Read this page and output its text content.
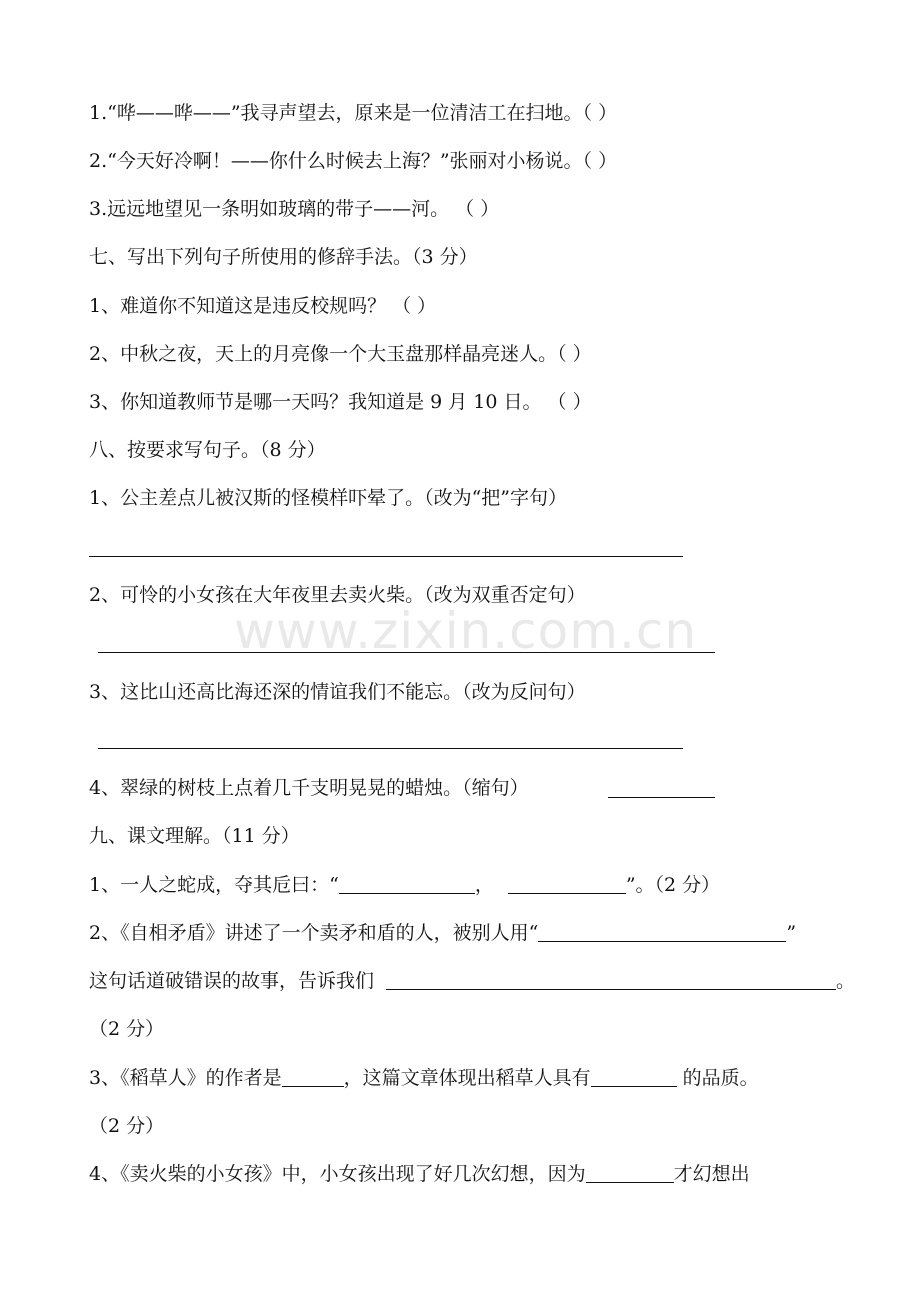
1.“哗——哗——”我寻声望去，原来是一位清洁工在扫地。（ ）
2.“今天好冷啊！——你什么时候去上海？”张丽对小杨说。（ ）
3.远远地望见一条明如玻璃的带子——河。 （ ）
七、写出下列句子所使用的修辞手法。（3 分）
1、难道你不知道这是违反校规吗？ （ ）
2、中秋之夜，天上的月亮像一个大玉盘那样晶亮迷人。（ ）
3、你知道教师节是哪一天吗？我知道是 9 月 10 日。 （ ）
八、按要求写句子。（8 分）
1、公主差点儿被汉斯的怪模样吓晕了。（改为“把”字句）
2、可怜的小女孩在大年夜里去卖火柴。（改为双重否定句）
3、这比山还高比海还深的情谊我们不能忘。（改为反问句）
4、翠绿的树枝上点着几千支明晃晃的蜡烛。（缩句）
九、课文理解。（11 分）
1、一人之蛇成，夺其卮曰：“	，	”。（2 分）
2、《自相矛盾》讲述了一个卖矛和盾的人，被别人用“	”
这句话道破错误的故事，告诉我们	。
（2 分）
3、《稻草人》的作者是	，这篇文章体现出稻草人具有	的品质。
（2 分）
4、《卖火柴的小女孩》中，小女孩出现了好几次幻想，因为	才幻想出
www.zixin.com.cn
